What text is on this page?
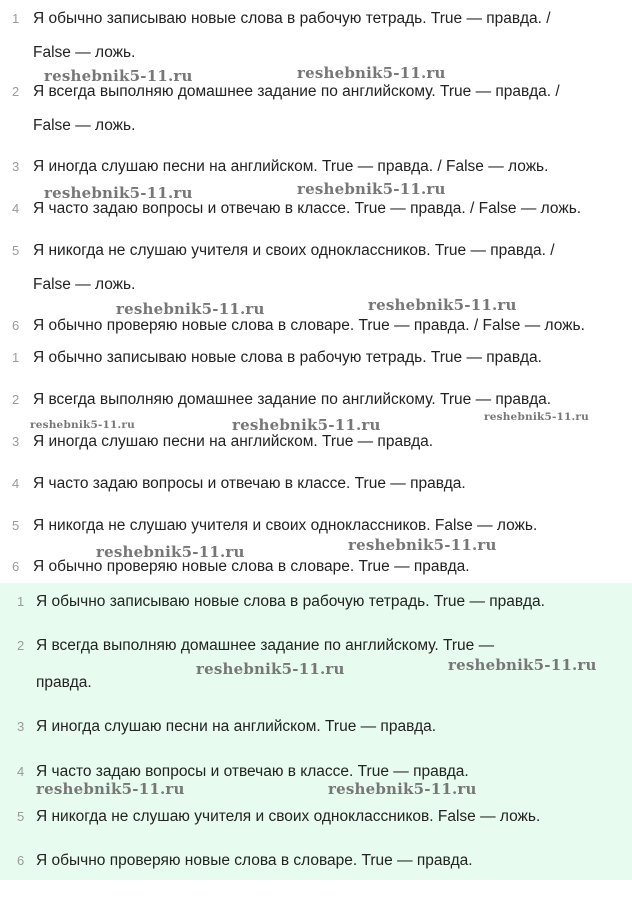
1 Я обычно записываю новые слова в рабочую тетрадь. True — правда. /
False — ложь.
2 Я всегда выполняю домашнее задание по английскому. True — правда. /
False — ложь.
3 Я иногда слушаю песни на английском. True — правда. / False — ложь.
4 Я часто задаю вопросы и отвечаю в классе. True — правда. / False — ложь.
5 Я никогда не слушаю учителя и своих одноклассников. True — правда. /
False — ложь.
6 Я обычно проверяю новые слова в словаре. True — правда. / False — ложь.
1 Я обычно записываю новые слова в рабочую тетрадь. True — правда.
2 Я всегда выполняю домашнее задание по английскому. True — правда.
3 Я иногда слушаю песни на английском. True — правда.
4 Я часто задаю вопросы и отвечаю в классе. True — правда.
5 Я никогда не слушаю учителя и своих одноклассников. False — ложь.
6 Я обычно проверяю новые слова в словаре. True — правда.
1 Я обычно записываю новые слова в рабочую тетрадь. True — правда.
2 Я всегда выполняю домашнее задание по английскому. True —
правда.
3 Я иногда слушаю песни на английском. True — правда.
4 Я часто задаю вопросы и отвечаю в классе. True — правда.
5 Я никогда не слушаю учителя и своих одноклассников. False — ложь.
6 Я обычно проверяю новые слова в словаре. True — правда.
reshebnik5-11.ru	reshebnik5-11.ru
reshebnik5-11.ru	reshebnik5-11.ru
reshebnik5-11.ru	reshebnik5-11.ru
reshebnik5-11.ru	reshebnik5-11.ru	reshebnik5-11.ru
reshebnik5-11.ru	reshebnik5-11.ru
reshebnik5-11.ru	reshebnik5-11.ru
reshebnik5-11.ru	reshebnik5-11.ru
